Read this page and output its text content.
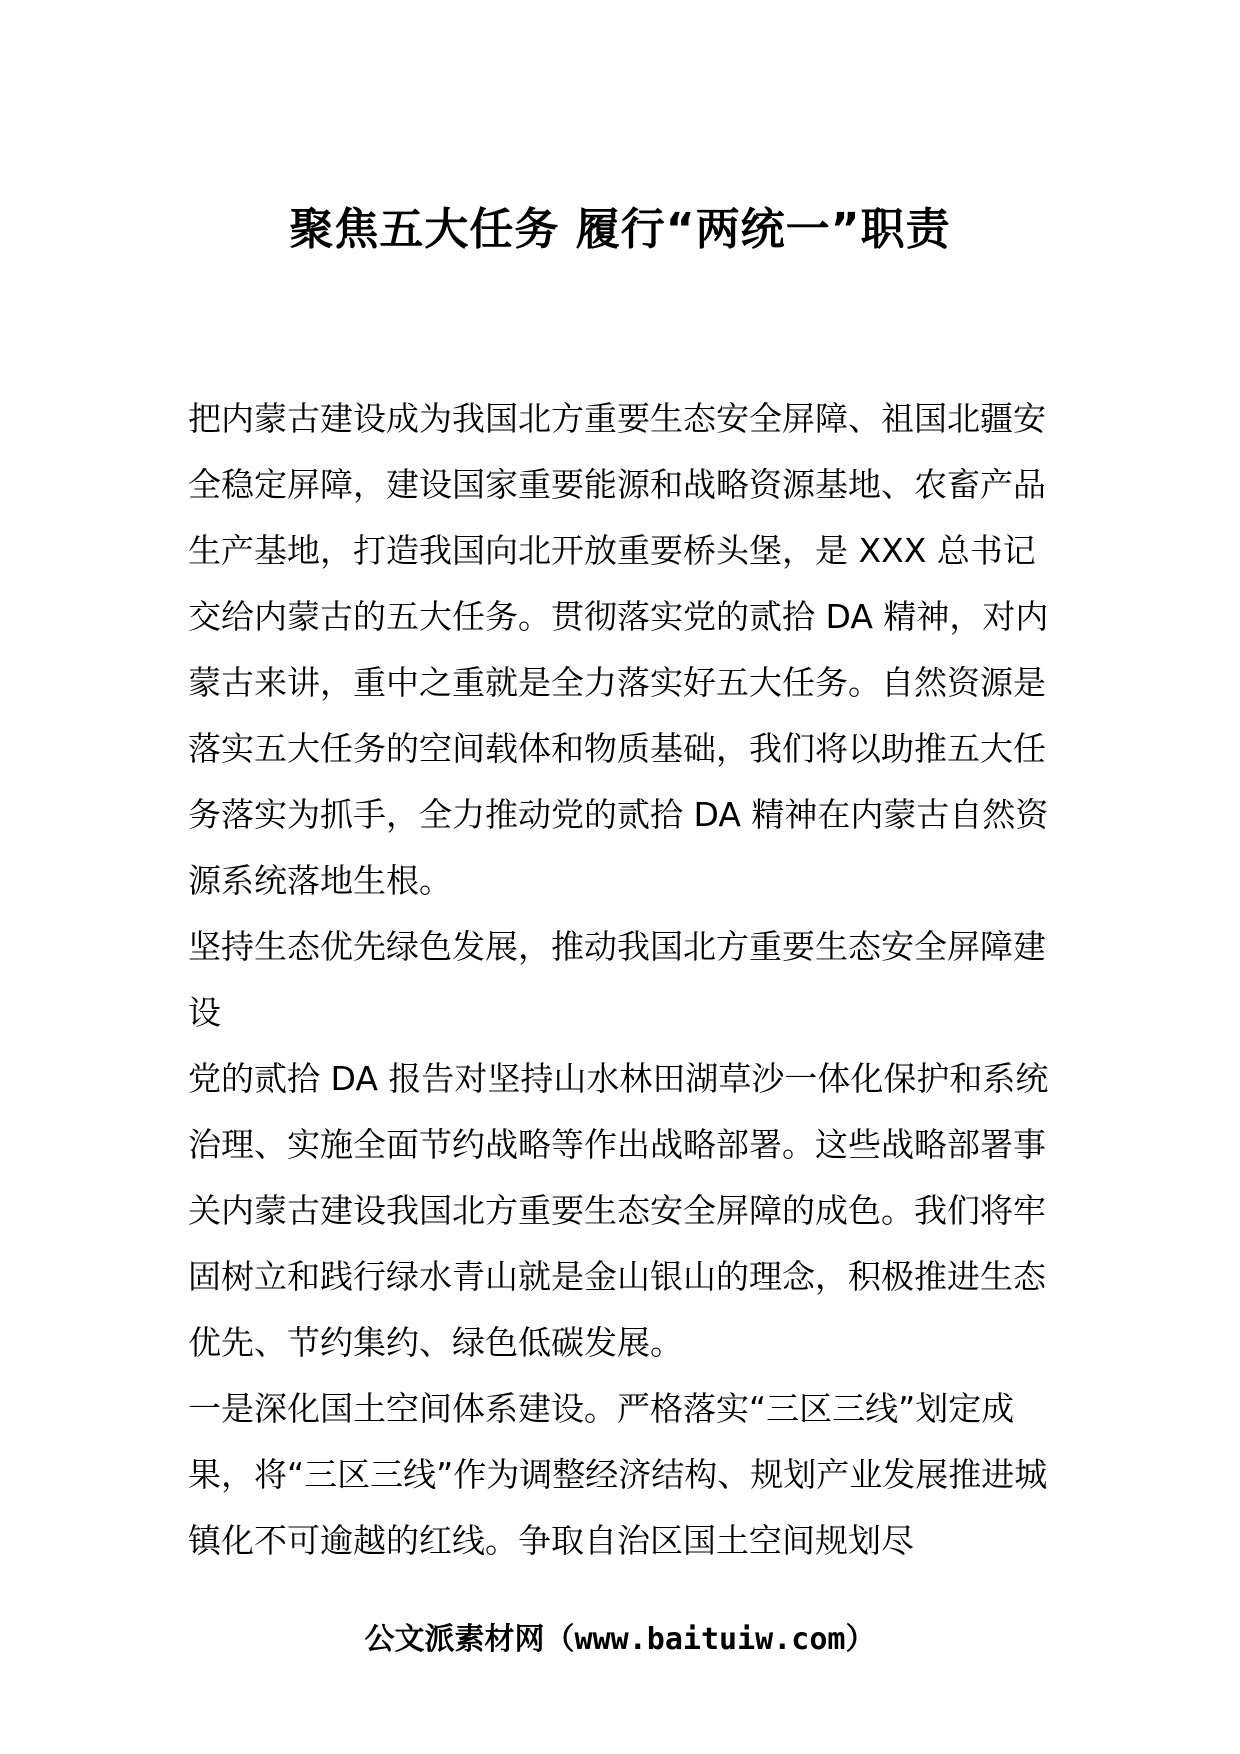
聚焦五大任务 履行“两统一”职责

把内蒙古建设成为我国北方重要生态安全屏障、祖国北疆安全稳定屏障，建设国家重要能源和战略资源基地、农畜产品生产基地，打造我国向北开放重要桥头堡，是 XXX 总书记交给内蒙古的五大任务。贯彻落实党的贰拾 DA 精神，对内蒙古来讲，重中之重就是全力落实好五大任务。自然资源是落实五大任务的空间载体和物质基础，我们将以助推五大任务落实为抓手，全力推动党的贰拾 DA 精神在内蒙古自然资源系统落地生根。

坚持生态优先绿色发展，推动我国北方重要生态安全屏障建设

党的贰拾 DA 报告对坚持山水林田湖草沙一体化保护和系统治理、实施全面节约战略等作出战略部署。这些战略部署事关内蒙古建设我国北方重要生态安全屏障的成色。我们将牢固树立和践行绿水青山就是金山银山的理念，积极推进生态优先、节约集约、绿色低碳发展。

一是深化国土空间体系建设。严格落实“三区三线”划定成果，将“三区三线”作为调整经济结构、规划产业发展推进城镇化不可逾越的红线。争取自治区国土空间规划尽

公文派素材网（www.baituiw.com）
